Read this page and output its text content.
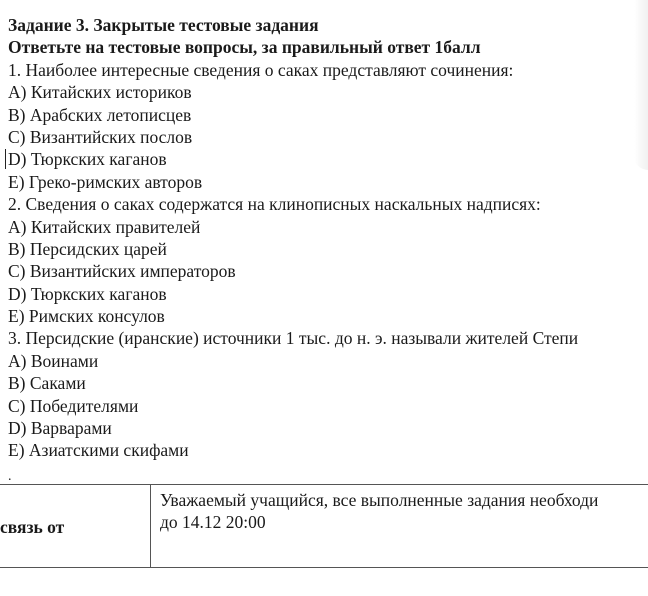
Задание 3. Закрытые тестовые задания
Ответьте на тестовые вопросы, за правильный ответ 1балл
1. Наиболее интересные сведения о саках представляют сочинения:
А) Китайских историков
В) Арабских летописцев
С) Византийских послов
D) Тюркских каганов
Е) Греко-римских авторов
2. Сведения о саках содержатся на клинописных наскальных надписях:
А) Китайских правителей
В) Персидских царей
С) Византийских императоров
D) Тюркских каганов
Е) Римских консулов
3. Персидские (иранские) источники 1 тыс. до н. э. называли жителей Степи
А) Воинами
В) Саками
С) Победителями
D) Варварами
Е) Азиатскими скифами
.
связь от
Уважаемый учащийся, все выполненные задания необходи
до 14.12 20:00
